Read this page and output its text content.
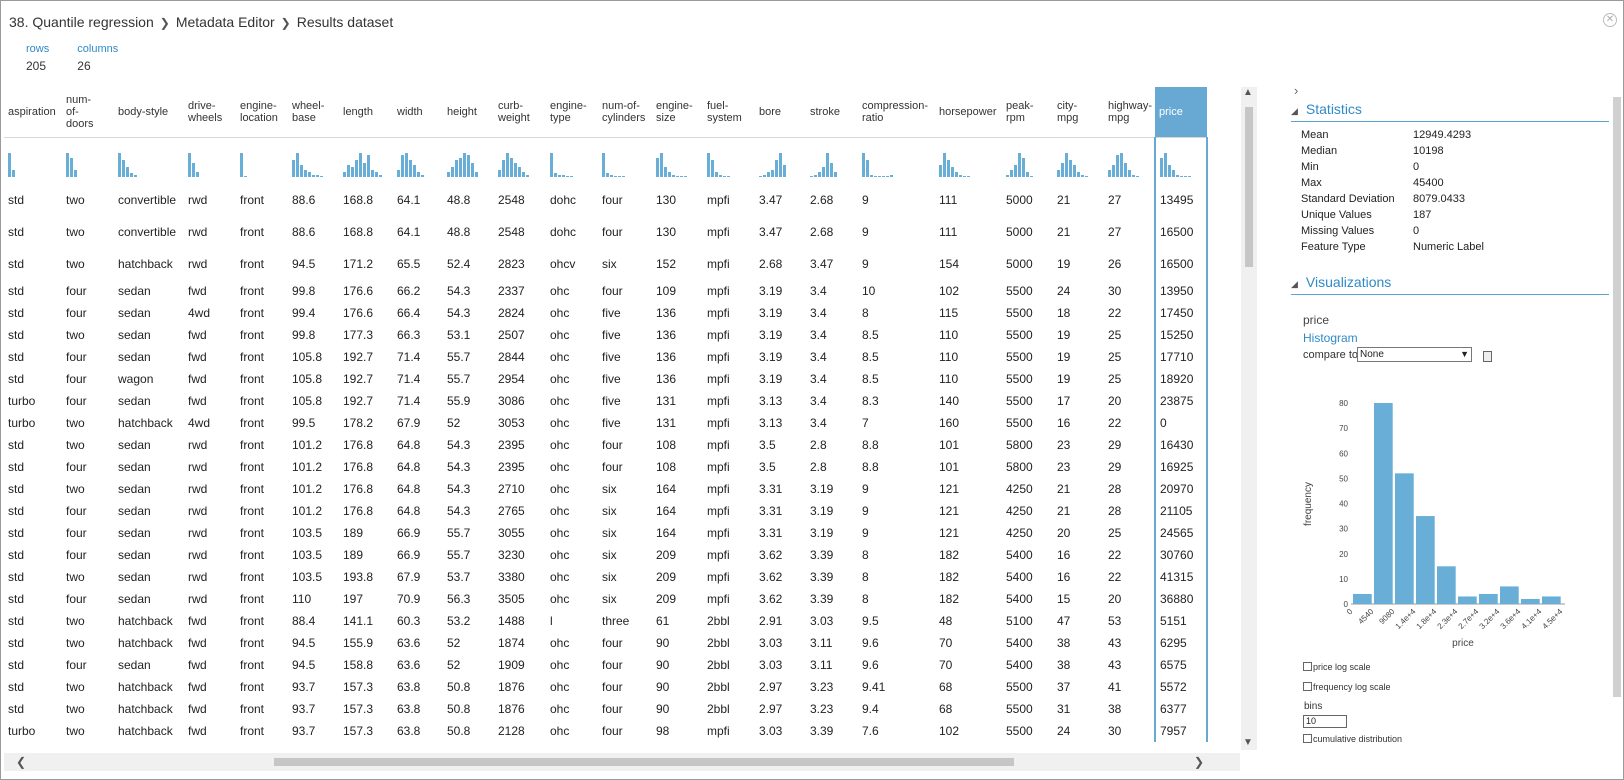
38. Quantile regression ❯ Metadata Editor ❯ Results dataset	✕
rows
205

columns
26
aspiration	num-
of-
doors	body-style	drive-
wheels	engine-
location	wheel-
base	length	width	height	curb-
weight	engine-
type	num-of-
cylinders	engine-
size	fuel-
system	bore	stroke	compression-
ratio	horsepower	peak-
rpm	city-
mpg	highway-
mpg	price

std	two	convertible	rwd	front	88.6	168.8	64.1	48.8	2548	dohc	four	130	mpfi	3.47	2.68	9	111	5000	21	27	13495
std	two	convertible	rwd	front	88.6	168.8	64.1	48.8	2548	dohc	four	130	mpfi	3.47	2.68	9	111	5000	21	27	16500
std	two	hatchback	rwd	front	94.5	171.2	65.5	52.4	2823	ohcv	six	152	mpfi	2.68	3.47	9	154	5000	19	26	16500
std	four	sedan	fwd	front	99.8	176.6	66.2	54.3	2337	ohc	four	109	mpfi	3.19	3.4	10	102	5500	24	30	13950
std	four	sedan	4wd	front	99.4	176.6	66.4	54.3	2824	ohc	five	136	mpfi	3.19	3.4	8	115	5500	18	22	17450
std	two	sedan	fwd	front	99.8	177.3	66.3	53.1	2507	ohc	five	136	mpfi	3.19	3.4	8.5	110	5500	19	25	15250
std	four	sedan	fwd	front	105.8	192.7	71.4	55.7	2844	ohc	five	136	mpfi	3.19	3.4	8.5	110	5500	19	25	17710
std	four	wagon	fwd	front	105.8	192.7	71.4	55.7	2954	ohc	five	136	mpfi	3.19	3.4	8.5	110	5500	19	25	18920
turbo	four	sedan	fwd	front	105.8	192.7	71.4	55.9	3086	ohc	five	131	mpfi	3.13	3.4	8.3	140	5500	17	20	23875
turbo	two	hatchback	4wd	front	99.5	178.2	67.9	52	3053	ohc	five	131	mpfi	3.13	3.4	7	160	5500	16	22	0
std	two	sedan	rwd	front	101.2	176.8	64.8	54.3	2395	ohc	four	108	mpfi	3.5	2.8	8.8	101	5800	23	29	16430
std	four	sedan	rwd	front	101.2	176.8	64.8	54.3	2395	ohc	four	108	mpfi	3.5	2.8	8.8	101	5800	23	29	16925
std	two	sedan	rwd	front	101.2	176.8	64.8	54.3	2710	ohc	six	164	mpfi	3.31	3.19	9	121	4250	21	28	20970
std	four	sedan	rwd	front	101.2	176.8	64.8	54.3	2765	ohc	six	164	mpfi	3.31	3.19	9	121	4250	21	28	21105
std	four	sedan	rwd	front	103.5	189	66.9	55.7	3055	ohc	six	164	mpfi	3.31	3.19	9	121	4250	20	25	24565
std	four	sedan	rwd	front	103.5	189	66.9	55.7	3230	ohc	six	209	mpfi	3.62	3.39	8	182	5400	16	22	30760
std	two	sedan	rwd	front	103.5	193.8	67.9	53.7	3380	ohc	six	209	mpfi	3.62	3.39	8	182	5400	16	22	41315
std	four	sedan	rwd	front	110	197	70.9	56.3	3505	ohc	six	209	mpfi	3.62	3.39	8	182	5400	15	20	36880
std	two	hatchback	fwd	front	88.4	141.1	60.3	53.2	1488	l	three	61	2bbl	2.91	3.03	9.5	48	5100	47	53	5151
std	two	hatchback	fwd	front	94.5	155.9	63.6	52	1874	ohc	four	90	2bbl	3.03	3.11	9.6	70	5400	38	43	6295
std	four	sedan	fwd	front	94.5	158.8	63.6	52	1909	ohc	four	90	2bbl	3.03	3.11	9.6	70	5400	38	43	6575
std	two	hatchback	fwd	front	93.7	157.3	63.8	50.8	1876	ohc	four	90	2bbl	2.97	3.23	9.41	68	5500	37	41	5572
std	two	hatchback	fwd	front	93.7	157.3	63.8	50.8	1876	ohc	four	90	2bbl	2.97	3.23	9.4	68	5500	31	38	6377
turbo	two	hatchback	fwd	front	93.7	157.3	63.8	50.8	2128	ohc	four	98	mpfi	3.03	3.39	7.6	102	5500	24	30	7957
▲
▼
❮	❯
›
◢ Statistics
Mean	12949.4293
Median	10198
Min	0
Max	45400
Standard Deviation 8079.0433
Unique Values	187
Missing Values	0
Feature Type	Numeric Label
◢ Visualizations
price
Histogram
compare to None	▼
0
10
20
30
40
50
60
70
80
0 4540 9080
1.4e+4
1.8e+4
2.3e+4
2.7e+4
3.2e+4
3.6e+4
4.1e+4
4.5e+4
price
frequency
price log scale
frequency log scale
bins
10
cumulative distribution
